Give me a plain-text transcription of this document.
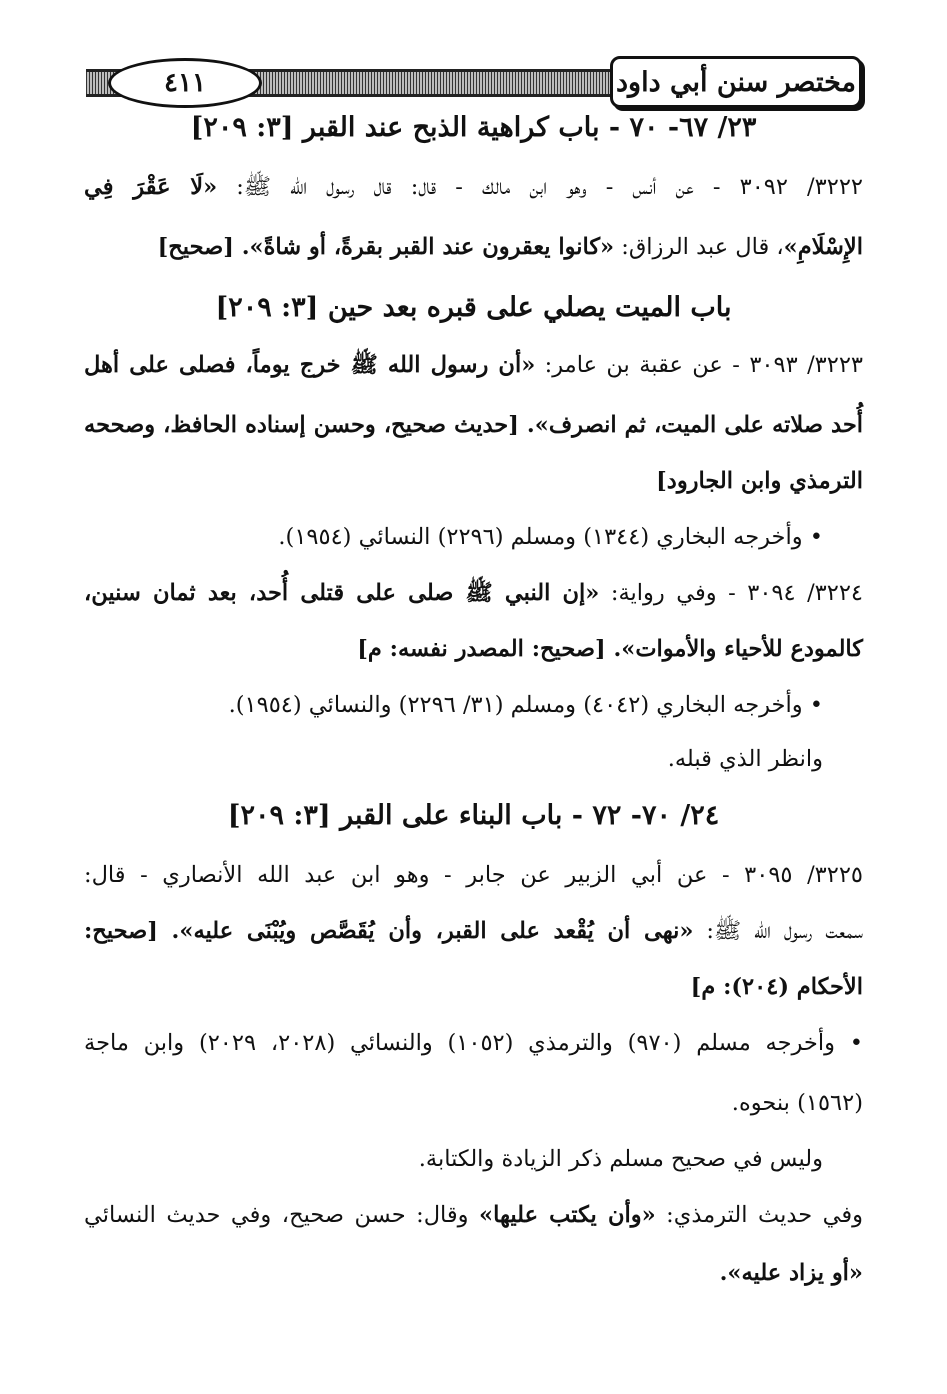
٤١١	مختصر سنن أبي داود
٢٣/ ٦٧- ٧٠ - باب كراهية الذبح عند القبر [٣: ٢٠٩]
٣٢٢٢/ ٣٠٩٢ - عن أنس - وهو ابن مالك - قال: قال رسول الله ﷺ: «لَا عَقْرَ فِي
الإِسْلَامِ»، قال عبد الرزاق: «كانوا يعقرون عند القبر بقرةً، أو شاةً». [صحيح]
باب الميت يصلي على قبره بعد حين [٣: ٢٠٩]
٣٢٢٣/ ٣٠٩٣ - عن عقبة بن عامر: «أن رسول الله ﷺ خرج يوماً، فصلى على أهل
أُحد صلاته على الميت، ثم انصرف». [حديث صحيح، وحسن إسناده الحافظ، وصححه
الترمذي وابن الجارود]
• وأخرجه البخاري (١٣٤٤) ومسلم (٢٢٩٦) النسائي (١٩٥٤).
٣٢٢٤/ ٣٠٩٤ - وفي رواية: «إن النبي ﷺ صلى على قتلى أُحد، بعد ثمان سنين،
كالمودع للأحياء والأموات». [صحيح: المصدر نفسه: م]
• وأخرجه البخاري (٤٠٤٢) ومسلم (٣١/ ٢٢٩٦) والنسائي (١٩٥٤).
وانظر الذي قبله.
٢٤/ ٧٠- ٧٢ - باب البناء على القبر [٣: ٢٠٩]
٣٢٢٥/ ٣٠٩٥ - عن أبي الزبير عن جابر - وهو ابن عبد الله الأنصاري - قال:
سمعت رسول الله ﷺ: «نهى أن يُقْعد على القبر، وأن يُقَصَّص ويُبْنَى عليه». [صحيح:
الأحكام (٢٠٤): م]
• وأخرجه مسلم (٩٧٠) والترمذي (١٠٥٢) والنسائي (٢٠٢٨، ٢٠٢٩) وابن ماجة
(١٥٦٢) بنحوه.
وليس في صحيح مسلم ذكر الزيادة والكتابة.
وفي حديث الترمذي: «وأن يكتب عليها» وقال: حسن صحيح، وفي حديث النسائي
«أو يزاد عليه».
